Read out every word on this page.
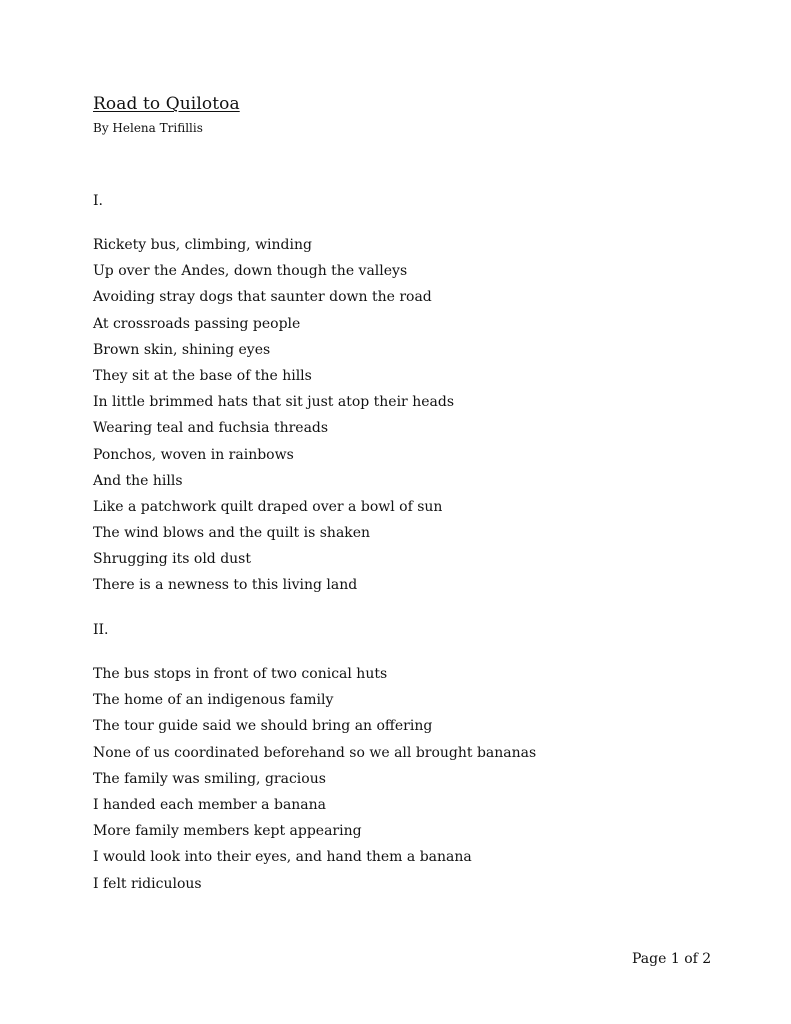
Road to Quilotoa
By Helena Trifillis
I.
Rickety bus, climbing, winding
Up over the Andes, down though the valleys
Avoiding stray dogs that saunter down the road
At crossroads passing people
Brown skin, shining eyes
They sit at the base of the hills
In little brimmed hats that sit just atop their heads
Wearing teal and fuchsia threads
Ponchos, woven in rainbows
And the hills
Like a patchwork quilt draped over a bowl of sun
The wind blows and the quilt is shaken
Shrugging its old dust
There is a newness to this living land
II.
The bus stops in front of two conical huts
The home of an indigenous family
The tour guide said we should bring an offering
None of us coordinated beforehand so we all brought bananas
The family was smiling, gracious
I handed each member a banana
More family members kept appearing
I would look into their eyes, and hand them a banana
I felt ridiculous
Page 1 of 2
